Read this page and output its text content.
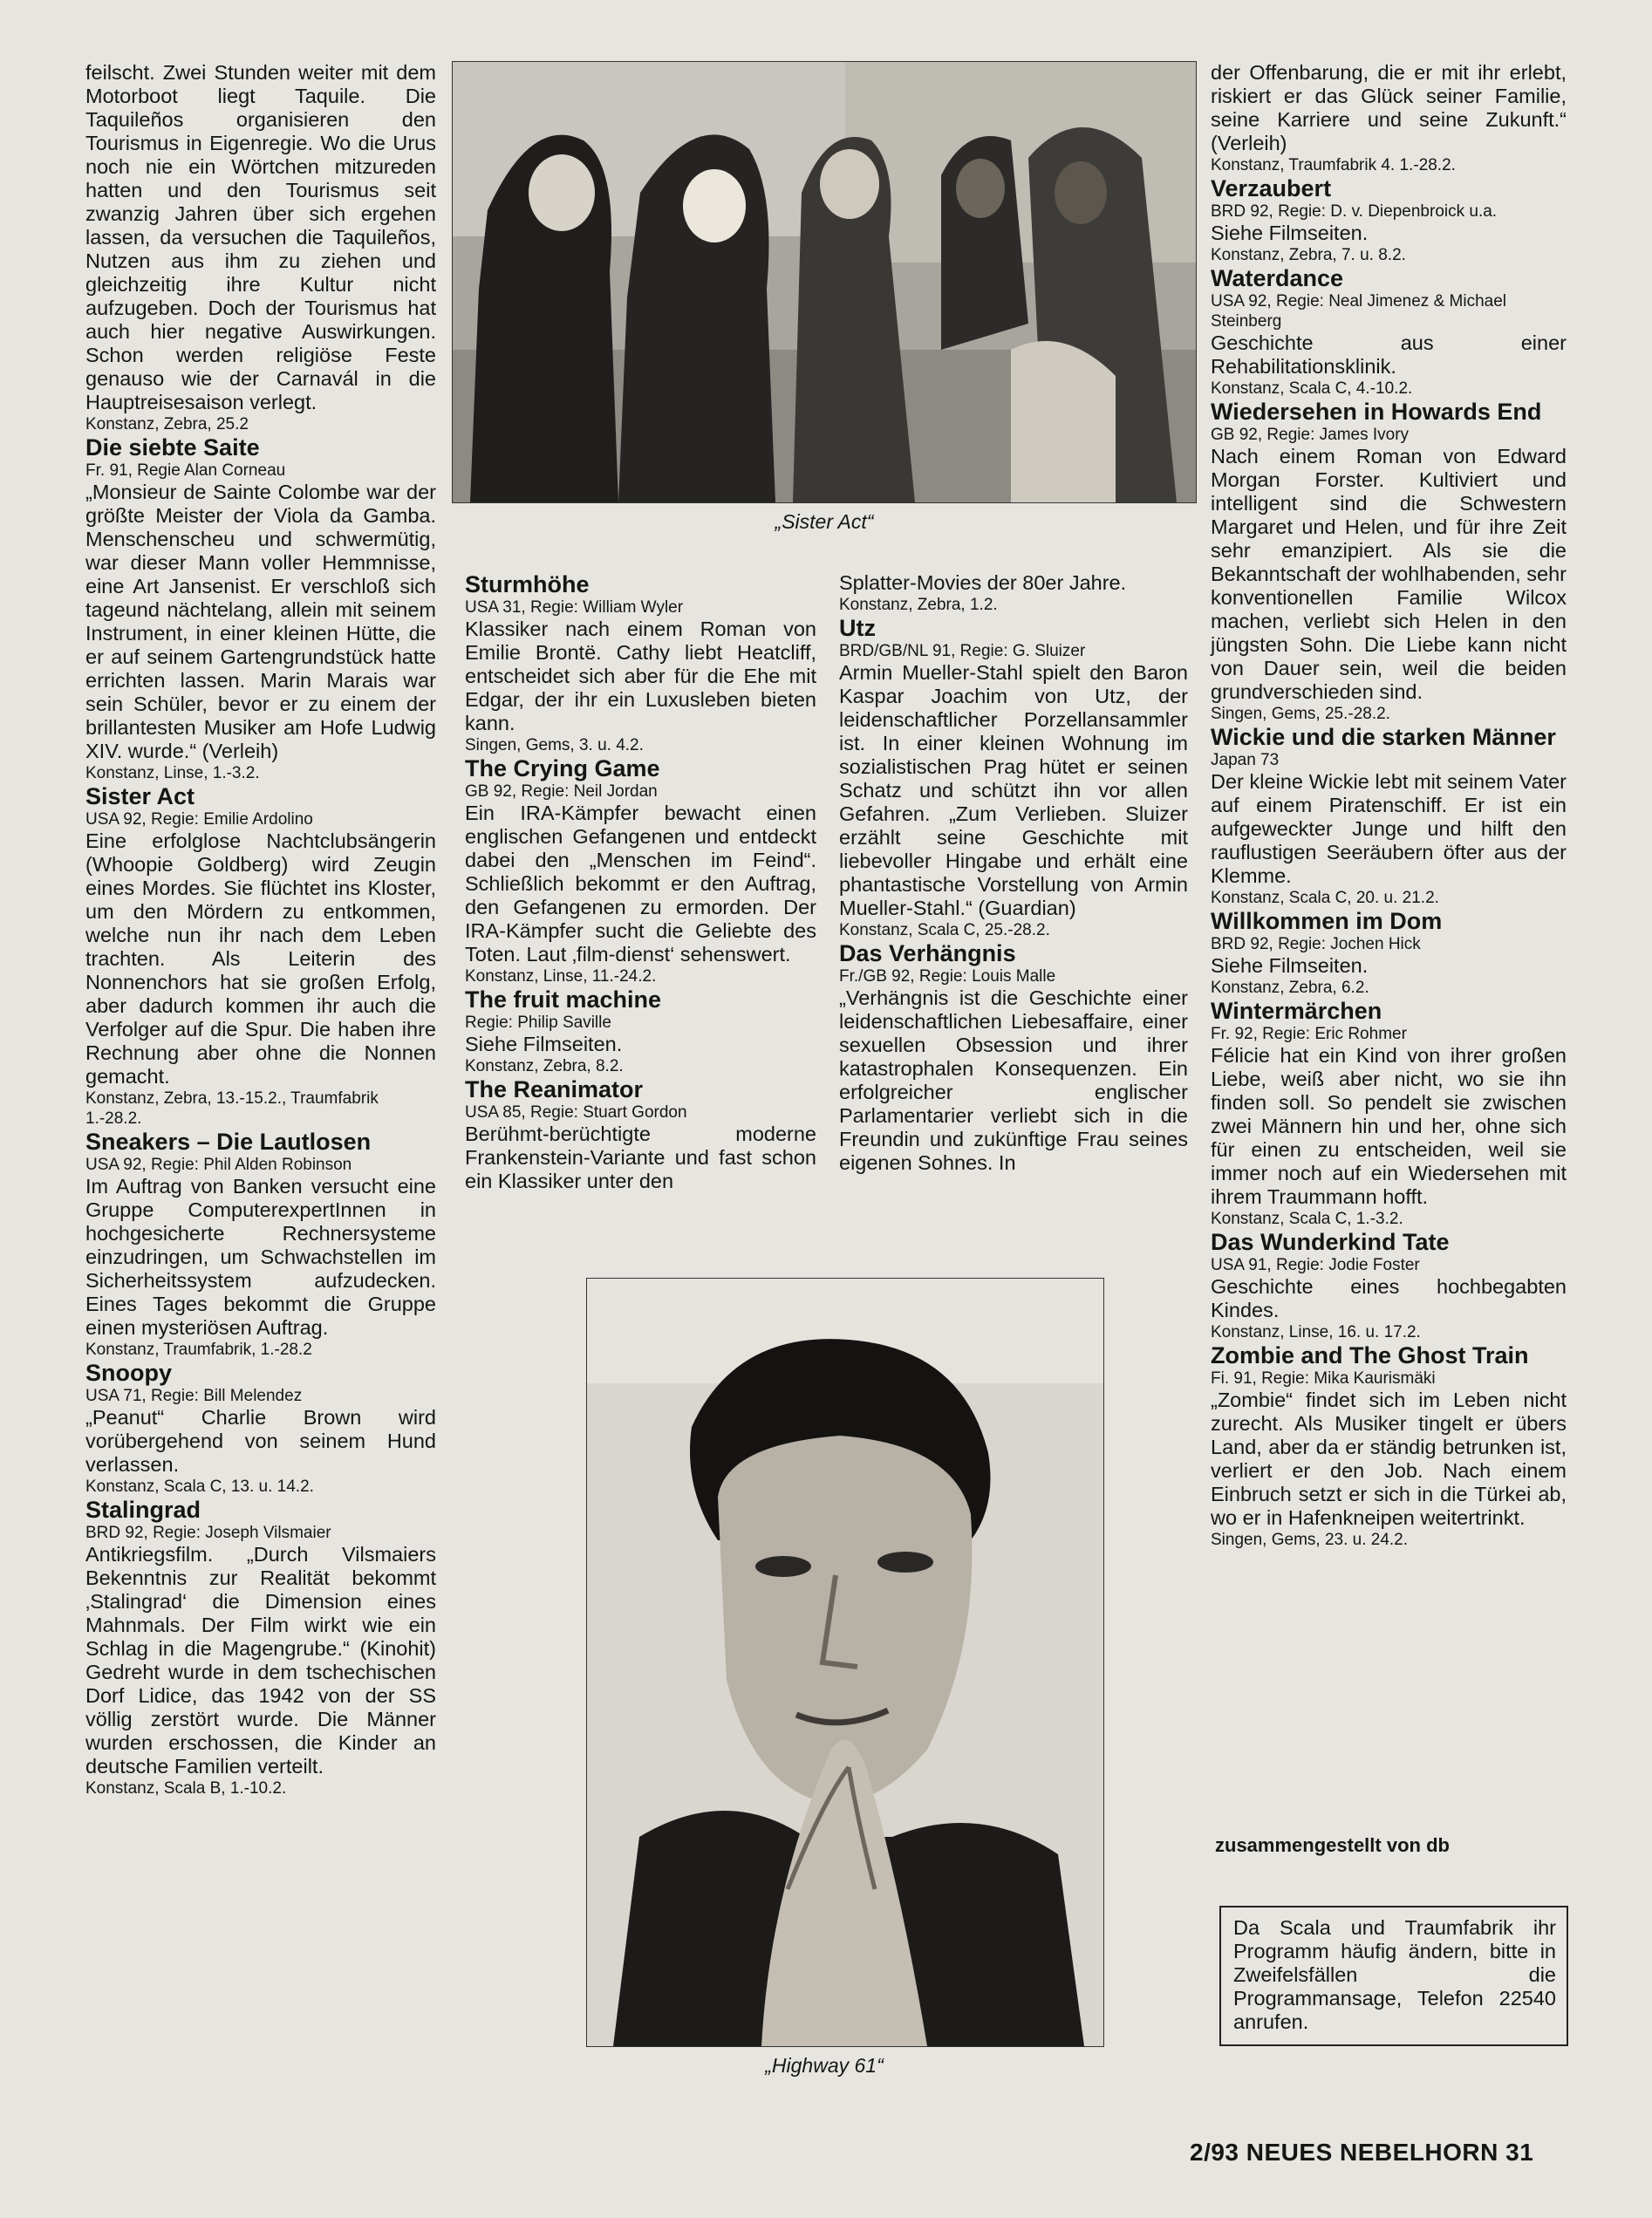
„Sister Act“
„Highway 61“

feilscht. Zwei Stunden weiter mit dem Motorboot liegt Taquile. Die Taquileños organisieren den Tourismus in Eigenregie. Wo die Urus noch nie ein Wörtchen mitzureden hatten und den Tourismus seit zwanzig Jahren über sich ergehen lassen, da versuchen die Taquileños, Nutzen aus ihm zu ziehen und gleichzeitig ihre Kultur nicht aufzugeben. Doch der Tourismus hat auch hier negative Auswirkungen. Schon werden religiöse Feste genauso wie der Carnavál in die Hauptreisesaison verlegt.

Konstanz, Zebra, 25.2

Die siebte Saite

Fr. 91, Regie Alan Corneau

„Monsieur de Sainte Colombe war der größte Meister der Viola da Gamba. Menschenscheu und schwermütig, war dieser Mann voller Hemmnisse, eine Art Jansenist. Er verschloß sich tageund nächtelang, allein mit seinem Instrument, in einer kleinen Hütte, die er auf seinem Gartengrundstück hatte errichten lassen. Marin Marais war sein Schüler, bevor er zu einem der brillantesten Musiker am Hofe Ludwig XIV. wurde.“ (Verleih)

Konstanz, Linse, 1.-3.2.

Sister Act

USA 92, Regie: Emilie Ardolino

Eine erfolglose Nachtclubsängerin (Whoopie Goldberg) wird Zeugin eines Mordes. Sie flüchtet ins Kloster, um den Mördern zu entkommen, welche nun ihr nach dem Leben trachten. Als Leiterin des Nonnenchors hat sie großen Erfolg, aber dadurch kommen ihr auch die Verfolger auf die Spur. Die haben ihre Rechnung aber ohne die Nonnen gemacht.

Konstanz, Zebra, 13.-15.2., Traumfabrik 1.-28.2.

Sneakers – Die Lautlosen

USA 92, Regie: Phil Alden Robinson

Im Auftrag von Banken versucht eine Gruppe ComputerexpertInnen in hochgesicherte Rechnersysteme einzudringen, um Schwachstellen im Sicherheitssystem aufzudecken. Eines Tages bekommt die Gruppe einen mysteriösen Auftrag.

Konstanz, Traumfabrik, 1.-28.2

Snoopy

USA 71, Regie: Bill Melendez

„Peanut“ Charlie Brown wird vorübergehend von seinem Hund verlassen.

Konstanz, Scala C, 13. u. 14.2.

Stalingrad

BRD 92, Regie: Joseph Vilsmaier

Antikriegsfilm. „Durch Vilsmaiers Bekenntnis zur Realität bekommt ‚Stalingrad‘ die Dimension eines Mahnmals. Der Film wirkt wie ein Schlag in die Magengrube.“ (Kinohit) Gedreht wurde in dem tschechischen Dorf Lidice, das 1942 von der SS völlig zerstört wurde. Die Männer wurden erschossen, die Kinder an deutsche Familien verteilt.

Konstanz, Scala B, 1.-10.2.

Sturmhöhe

USA 31, Regie: William Wyler

Klassiker nach einem Roman von Emilie Brontë. Cathy liebt Heatcliff, entscheidet sich aber für die Ehe mit Edgar, der ihr ein Luxusleben bieten kann.

Singen, Gems, 3. u. 4.2.

The Crying Game

GB 92, Regie: Neil Jordan

Ein IRA-Kämpfer bewacht einen englischen Gefangenen und entdeckt dabei den „Menschen im Feind“. Schließlich bekommt er den Auftrag, den Gefangenen zu ermorden. Der IRA-Kämpfer sucht die Geliebte des Toten. Laut ‚film-dienst‘ sehenswert.

Konstanz, Linse, 11.-24.2.

The fruit machine

Regie: Philip Saville

Siehe Filmseiten.

Konstanz, Zebra, 8.2.

The Reanimator

USA 85, Regie: Stuart Gordon

Berühmt-berüchtigte moderne Frankenstein-Variante und fast schon ein Klassiker unter den

Splatter-Movies der 80er Jahre.

Konstanz, Zebra, 1.2.

Utz

BRD/GB/NL 91, Regie: G. Sluizer

Armin Mueller-Stahl spielt den Baron Kaspar Joachim von Utz, der leidenschaftlicher Porzellansammler ist. In einer kleinen Wohnung im sozialistischen Prag hütet er seinen Schatz und schützt ihn vor allen Gefahren. „Zum Verlieben. Sluizer erzählt seine Geschichte mit liebevoller Hingabe und erhält eine phantastische Vorstellung von Armin Mueller-Stahl.“ (Guardian)

Konstanz, Scala C, 25.-28.2.

Das Verhängnis

Fr./GB 92, Regie: Louis Malle

„Verhängnis ist die Geschichte einer leidenschaftlichen Liebesaffaire, einer sexuellen Obsession und ihrer katastrophalen Konsequenzen. Ein erfolgreicher englischer Parlamentarier verliebt sich in die Freundin und zukünftige Frau seines eigenen Sohnes. In

der Offenbarung, die er mit ihr erlebt, riskiert er das Glück seiner Familie, seine Karriere und seine Zukunft.“ (Verleih)

Konstanz, Traumfabrik 4. 1.-28.2.

Verzaubert

BRD 92, Regie: D. v. Diepenbroick u.a.

Siehe Filmseiten.

Konstanz, Zebra, 7. u. 8.2.

Waterdance

USA 92, Regie: Neal Jimenez & Michael Steinberg

Geschichte aus einer Rehabilitationsklinik.

Konstanz, Scala C, 4.-10.2.

Wiedersehen in Howards End

GB 92, Regie: James Ivory

Nach einem Roman von Edward Morgan Forster. Kultiviert und intelligent sind die Schwestern Margaret und Helen, und für ihre Zeit sehr emanzipiert. Als sie die Bekanntschaft der wohlhabenden, sehr konventionellen Familie Wilcox machen, verliebt sich Helen in den jüngsten Sohn. Die Liebe kann nicht von Dauer sein, weil die beiden grundverschieden sind.

Singen, Gems, 25.-28.2.

Wickie und die starken Männer

Japan 73

Der kleine Wickie lebt mit seinem Vater auf einem Piratenschiff. Er ist ein aufgeweckter Junge und hilft den rauflustigen Seeräubern öfter aus der Klemme.

Konstanz, Scala C, 20. u. 21.2.

Willkommen im Dom

BRD 92, Regie: Jochen Hick

Siehe Filmseiten.

Konstanz, Zebra, 6.2.

Wintermärchen

Fr. 92, Regie: Eric Rohmer

Félicie hat ein Kind von ihrer großen Liebe, weiß aber nicht, wo sie ihn finden soll. So pendelt sie zwischen zwei Männern hin und her, ohne sich für einen zu entscheiden, weil sie immer noch auf ein Wiedersehen mit ihrem Traummann hofft.

Konstanz, Scala C, 1.-3.2.

Das Wunderkind Tate

USA 91, Regie: Jodie Foster

Geschichte eines hochbegabten Kindes.

Konstanz, Linse, 16. u. 17.2.

Zombie and The Ghost Train

Fi. 91, Regie: Mika Kaurismäki

„Zombie“ findet sich im Leben nicht zurecht. Als Musiker tingelt er übers Land, aber da er ständig betrunken ist, verliert er den Job. Nach einem Einbruch setzt er sich in die Türkei ab, wo er in Hafenkneipen weitertrinkt.

Singen, Gems, 23. u. 24.2.

zusammengestellt von db
Da Scala und Traumfabrik ihr Programm häufig ändern, bitte in Zweifelsfällen die Programmansage, Telefon 22540 anrufen.
2/93 NEUES NEBELHORN 31
